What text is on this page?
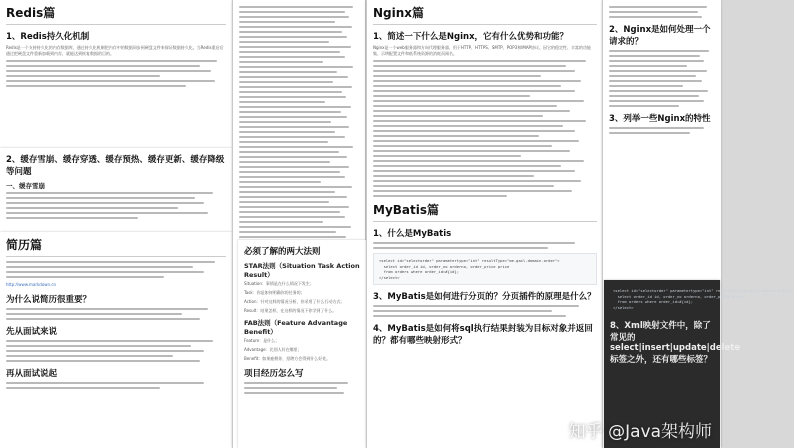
Redis篇
1、Redis持久化机制
Redis是一个支持持久化的内存数据库，通过持久化机制把内存中的数据同步到硬盘文件来保证数据持久化。当Redis重启后通过把硬盘文件重新加载到内存，就能达到恢复数据的目的。
2、缓存雪崩、缓存穿透、缓存预热、缓存更新、缓存降级等问题
一、缓存雪崩
简历篇
http://www.markdown.cn
为什么说简历很重要？
先从面试来说
再从面试说起
必须了解的两大法则
STAR法则（Situation Task Action Result）
Situation：事情是在什么情况下发生；
Task：你是如何明确你的任务的；
Action：针对这样的情况分析，你采用了什么行动方式；
Result：结果怎样，在这样的情况下你学到了什么。
FAB法则（Feature Advantage Benefit）
Feature：是什么；
Advantage：比别人好在哪里；
Benefit：如果雇佣你，招聘方会得到什么好处。
项目经历怎么写
Nginx篇
1、简述一下什么是Nginx，它有什么优势和功能？
Nginx是一个web服务器和方向代理服务器，用于HTTP、HTTPS、SMTP、POP3和IMAP协议。因它的稳定性、丰富的功能集、示例配置文件和低系统资源的消耗而闻名。
MyBatis篇
1、什么是MyBatis
<select id="selectorder" parametertype="int" resultType="me.gacl.domain.order">
select order_id id, order_no orderno, order_price price
from orders where order_id=#{id};
</select>
3、MyBatis是如何进行分页的？分页插件的原理是什么？
4、MyBatis是如何将sql执行结果封装为目标对象并返回的？都有哪些映射形式？
2、Nginx是如何处理一个请求的？
3、列举一些Nginx的特性
<select id="selectorder" parametertype="int" resultType="me.gacl.domain.order">
select order_id id, order_no orderno, order_price price
from orders where order_id=#{id};
</select>
8、Xml映射文件中，除了常见的select|insert|update|delete标签之外，还有哪些标签？
知乎 @Java架构师
